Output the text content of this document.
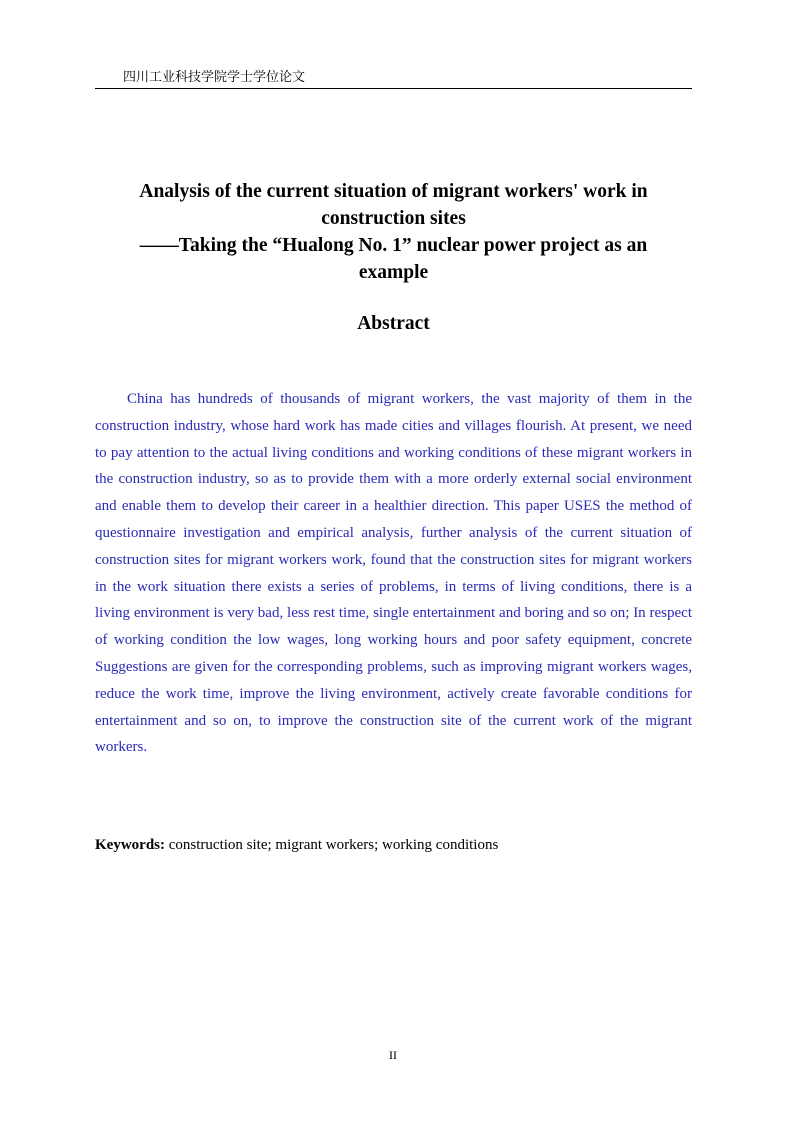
四川工业科技学院学士学位论文
Analysis of the current situation of migrant workers' work in
construction sites
——Taking the “Hualong No. 1” nuclear power project as an
example
Abstract

China has hundreds of thousands of migrant workers, the vast majority of them in the construction industry, whose hard work has made cities and villages flourish. At present, we need to pay attention to the actual living conditions and working conditions of these migrant workers in the construction industry, so as to provide them with a more orderly external social environment and enable them to develop their career in a healthier direction. This paper USES the method of questionnaire investigation and empirical analysis, further analysis of the current situation of construction sites for migrant workers work, found that the construction sites for migrant workers in the work situation there exists a series of problems, in terms of living conditions, there is a living environment is very bad, less rest time, single entertainment and boring and so on; In respect of working condition the low wages, long working hours and poor safety equipment, concrete Suggestions are given for the corresponding problems, such as improving migrant workers wages, reduce the work time, improve the living environment, actively create favorable conditions for entertainment and so on, to improve the construction site of the current work of the migrant workers.

Keywords: construction site; migrant workers; working conditions
II
